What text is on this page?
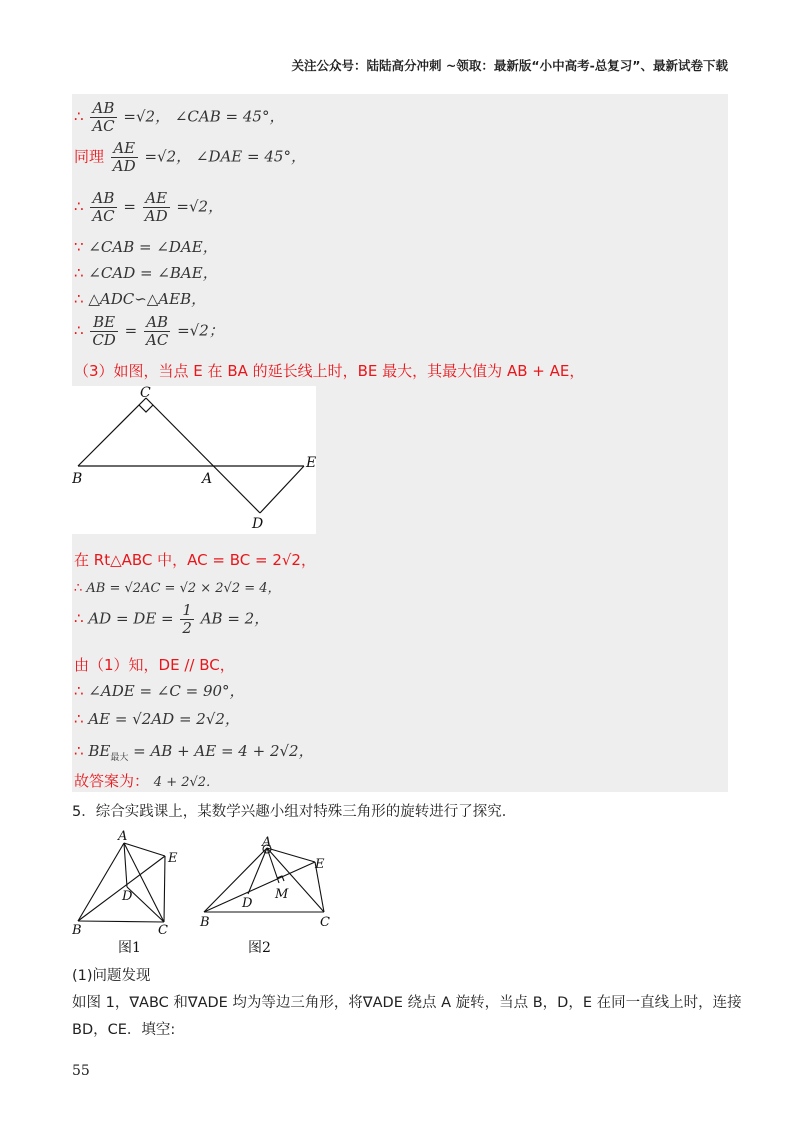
关注公众号：陆陆高分冲刺 ~领取：最新版“小中高考-总复习”、最新试卷下载
∴ $\frac{AB}{AC} =√2$， ∠CAB = 45°，
同理 $\frac{AE}{AD} =√2$， ∠DAE = 45°，
∴ $\frac{AB}{AC} = \frac{AE}{AD} =√2$，
∵ ∠CAB = ∠DAE，
∴ ∠CAD = ∠BAE，
∴ △ADC∽△AEB，
∴ $\frac{BE}{CD} = \frac{AB}{AC} =√2$；
（3）如图，当点 E 在 BA 的延长线上时，BE 最大，其最大值为 AB + AE，
C
B	A
E
D
在 Rt△ABC 中，AC = BC = 2√2，
∴ AB = √2AC = √2 × 2√2 = 4，
∴ AD = DE = $\frac{1}{2}$ AB = 2，
由（1）知，DE // BC，
∴ ∠ADE = ∠C = 90°，
∴ AE = √2AD = 2√2，
∴ $BE_{最大}$ = AB + AE = 4 + 2√2，
故答案为： 4 + 2√2．
5．综合实践课上，某数学兴趣小组对特殊三角形的旋转进行了探究．
A
E
D
B	C
A
E
M
D
B	C
图1	图2
(1)问题发现
如图 1，∇ABC 和∇ADE 均为等边三角形，将∇ADE 绕点 A 旋转，当点 B，D，E 在同一直线上时，连接
BD，CE．填空:
55
